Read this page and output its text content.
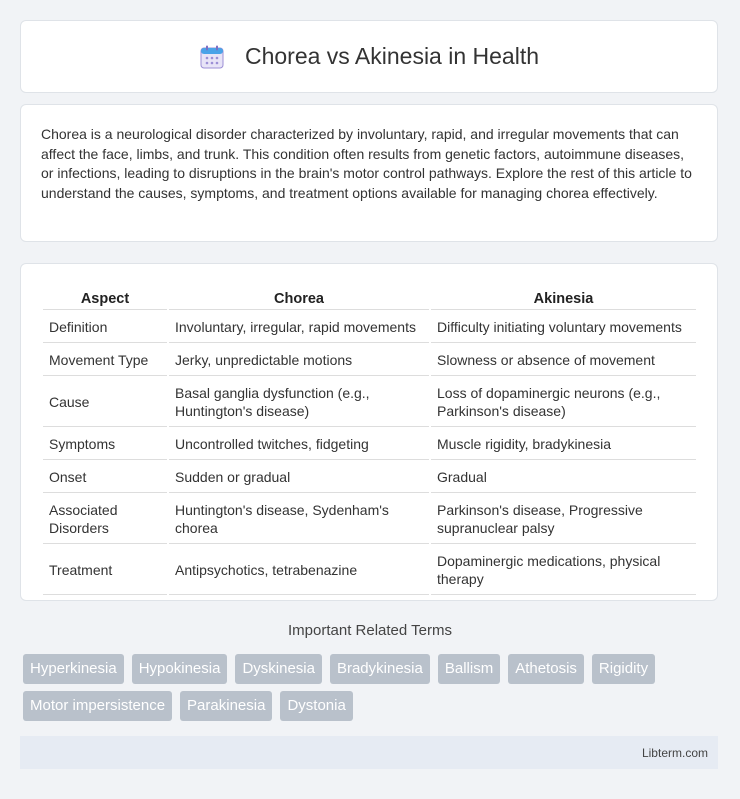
Chorea vs Akinesia in Health

Chorea is a neurological disorder characterized by involuntary, rapid, and irregular movements that can affect the face, limbs, and trunk. This condition often results from genetic factors, autoimmune diseases, or infections, leading to disruptions in the brain's motor control pathways. Explore the rest of this article to understand the causes, symptoms, and treatment options available for managing chorea effectively.

Aspect	Chorea	Akinesia
Definition	Involuntary, irregular, rapid movements	Difficulty initiating voluntary movements
Movement Type	Jerky, unpredictable motions	Slowness or absence of movement
Cause	Basal ganglia dysfunction (e.g., Huntington's disease)	Loss of dopaminergic neurons (e.g., Parkinson's disease)
Symptoms	Uncontrolled twitches, fidgeting	Muscle rigidity, bradykinesia
Onset	Sudden or gradual	Gradual
Associated Disorders	Huntington's disease, Sydenham's chorea	Parkinson's disease, Progressive supranuclear palsy
Treatment	Antipsychotics, tetrabenazine	Dopaminergic medications, physical therapy
Important Related Terms
Hyperkinesia	Hypokinesia	Dyskinesia	Bradykinesia	Ballism	Athetosis	Rigidity
Motor impersistence	Parakinesia	Dystonia
Libterm.com
